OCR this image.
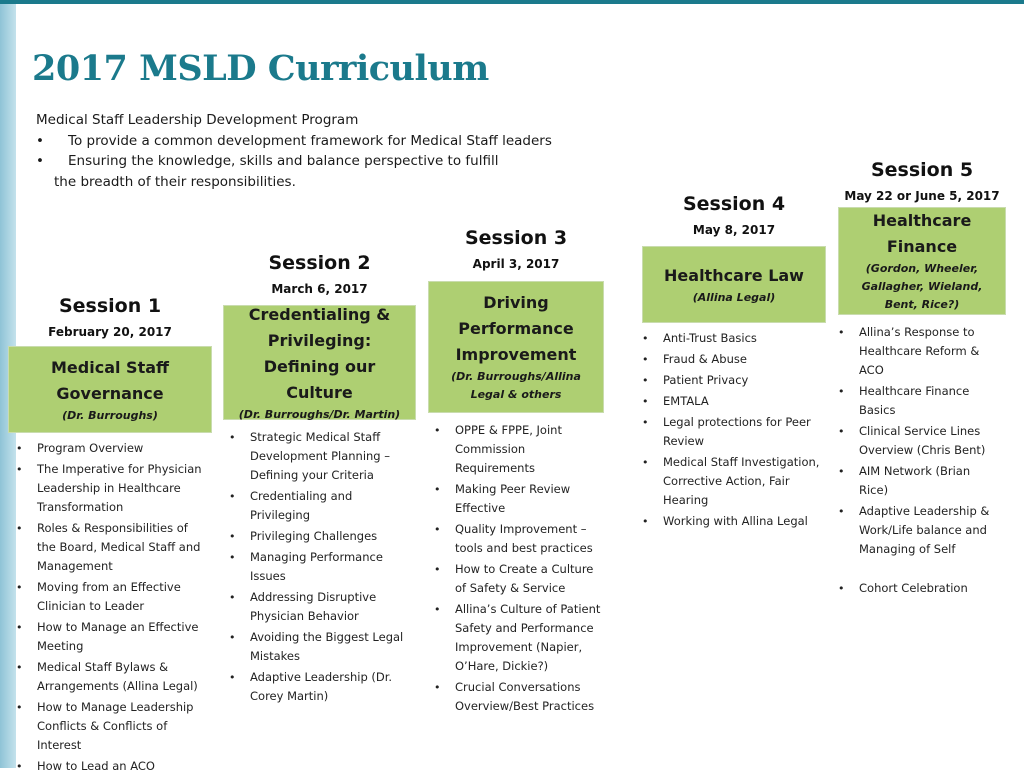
2017 MSLD Curriculum
Medical Staff Leadership Development Program
•	To provide a common development framework for Medical Staff leaders
•	Ensuring the knowledge, skills and balance perspective to fulfill
the breadth of their responsibilities.
Session 1
February 20, 2017
Medical Staff Governance
(Dr. Burroughs)
• Program Overview
• The Imperative for Physician Leadership in Healthcare Transformation
• Roles & Responsibilities of the Board, Medical Staff and Management
• Moving from an Effective Clinician to Leader
• How to Manage an Effective Meeting
• Medical Staff Bylaws & Arrangements (Allina Legal)
• How to Manage Leadership Conflicts & Conflicts of Interest
• How to Lead an ACO
Session 2
March 6, 2017
Credentialing & Privileging: Defining our Culture
(Dr. Burroughs/Dr. Martin)
• Strategic Medical Staff Development Planning – Defining your Criteria
• Credentialing and Privileging
• Privileging Challenges
• Managing Performance Issues
• Addressing Disruptive Physician Behavior
• Avoiding the Biggest Legal Mistakes
• Adaptive Leadership (Dr. Corey Martin)
Session 3
April 3, 2017
Driving Performance Improvement
(Dr. Burroughs/Allina Legal & others
• OPPE & FPPE, Joint Commission Requirements
• Making Peer Review Effective
• Quality Improvement – tools and best practices
• How to Create a Culture of Safety & Service
• Allina’s Culture of Patient Safety and Performance Improvement (Napier, O’Hare, Dickie?)
• Crucial Conversations Overview/Best Practices
Session 4
May 8, 2017
Healthcare Law
(Allina Legal)
• Anti-Trust Basics
• Fraud & Abuse
• Patient Privacy
• EMTALA
• Legal protections for Peer Review
• Medical Staff Investigation, Corrective Action, Fair Hearing
• Working with Allina Legal
Session 5
May 22 or June 5, 2017
Healthcare Finance
(Gordon, Wheeler, Gallagher, Wieland, Bent, Rice?)
• Allina’s Response to Healthcare Reform & ACO
• Healthcare Finance Basics
• Clinical Service Lines Overview (Chris Bent)
• AIM Network (Brian Rice)
• Adaptive Leadership & Work/Life balance and Managing of Self
• Cohort Celebration
